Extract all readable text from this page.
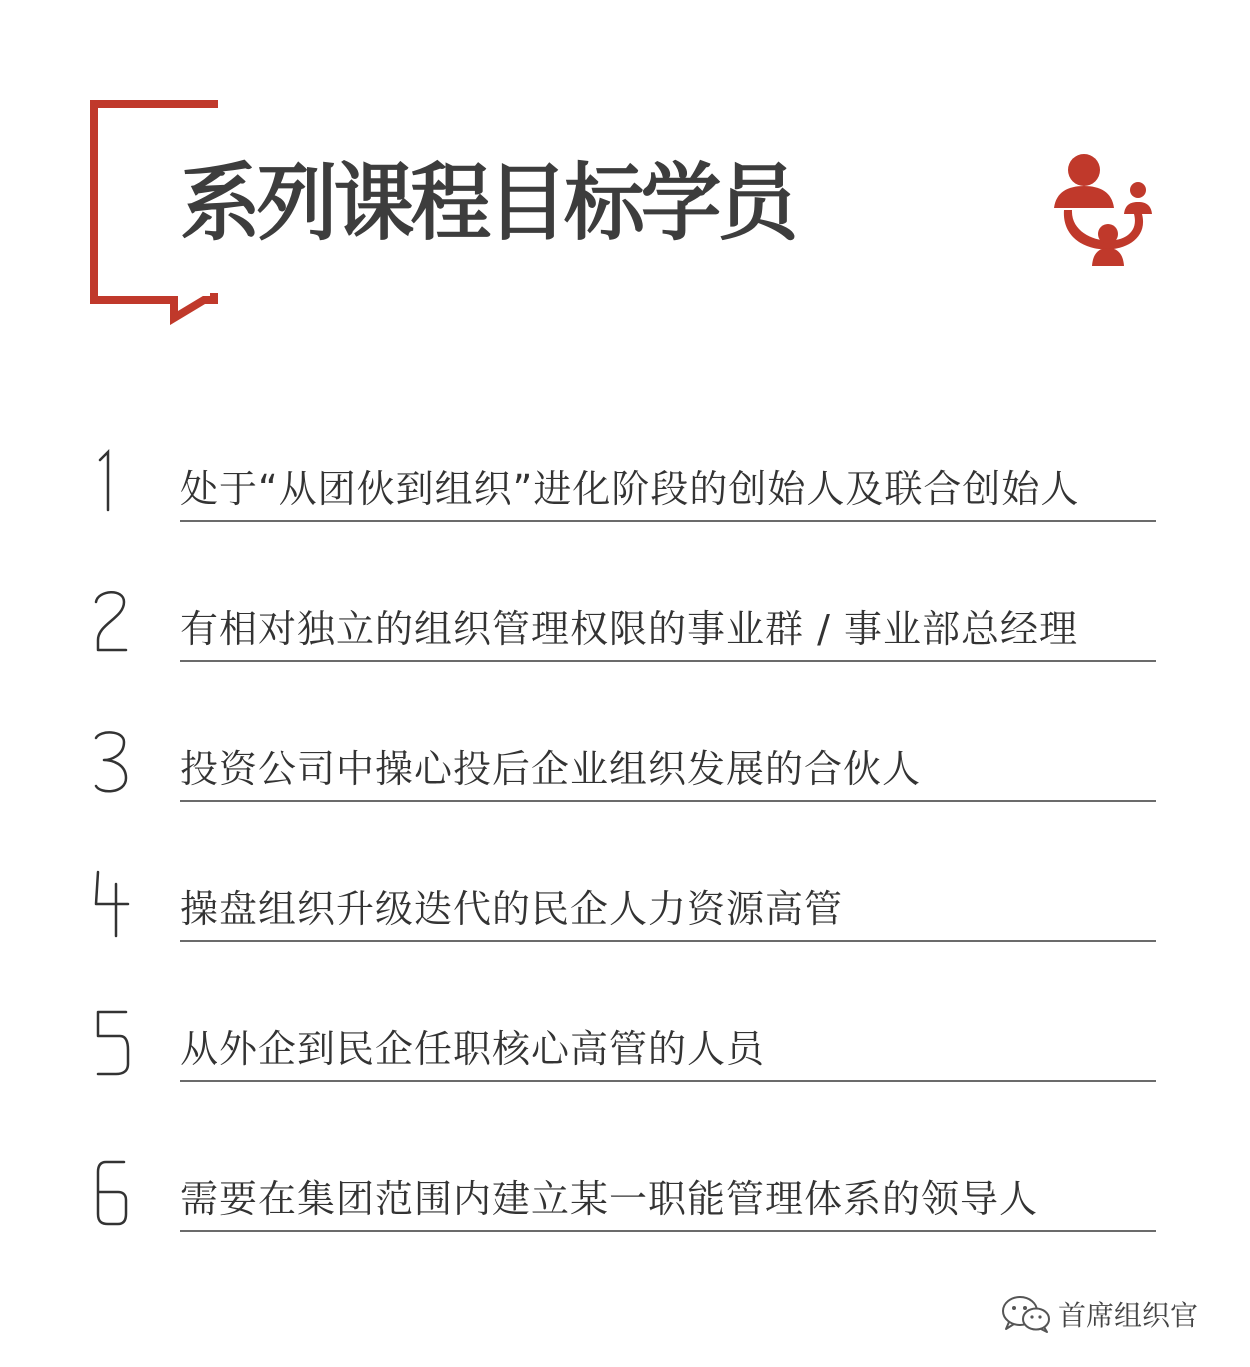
系列课程目标学员
处于“从团伙到组织”进化阶段的创始人及联合创始人
有相对独立的组织管理权限的事业群 / 事业部总经理
投资公司中操心投后企业组织发展的合伙人
操盘组织升级迭代的民企人力资源高管
从外企到民企任职核心高管的人员
需要在集团范围内建立某一职能管理体系的领导人
首席组织官
